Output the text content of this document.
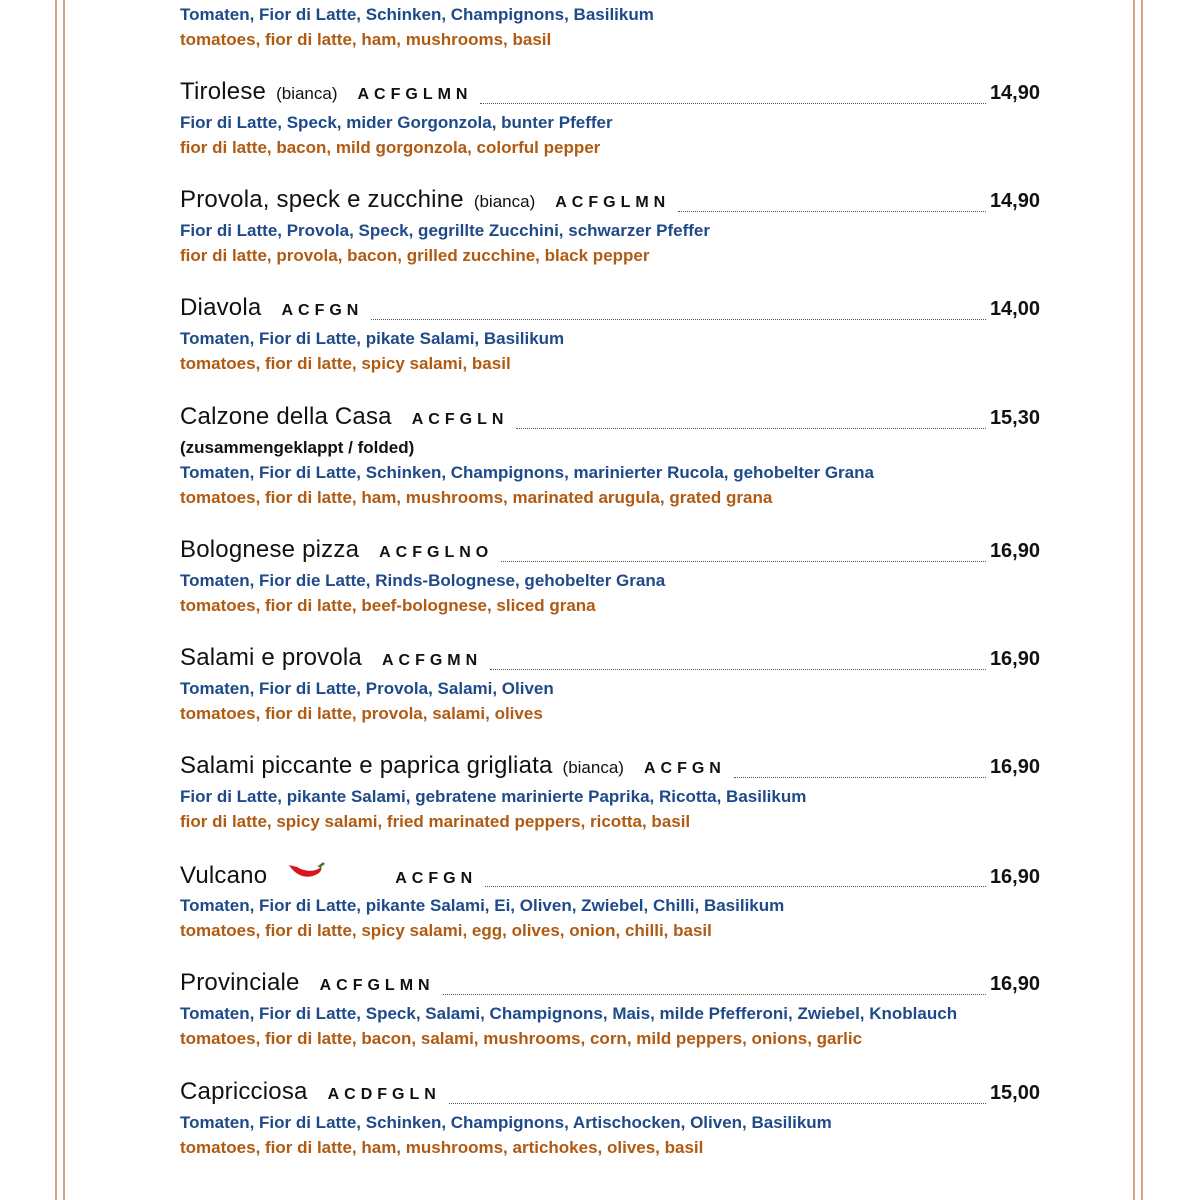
Tomaten, Fior di Latte, Schinken, Champignons, Basilikum
tomatoes, fior di latte, ham, mushrooms, basil
Tirolese (bianca) ACFGLMN	14,90
Fior di Latte, Speck, mider Gorgonzola, bunter Pfeffer
fior di latte, bacon, mild gorgonzola, colorful pepper
Provola, speck e zucchine (bianca) ACFGLMN	14,90
Fior di Latte, Provola, Speck, gegrillte Zucchini, schwarzer Pfeffer
fior di latte, provola, bacon, grilled zucchine, black pepper
Diavola ACFGN	14,00
Tomaten, Fior di Latte, pikate Salami, Basilikum
tomatoes, fior di latte, spicy salami, basil
Calzone della Casa ACFGLN	15,30
(zusammengeklappt / folded)
Tomaten, Fior di Latte, Schinken, Champignons, marinierter Rucola, gehobelter Grana
tomatoes, fior di latte, ham, mushrooms, marinated arugula, grated grana
Bolognese pizza ACFGLNO	16,90
Tomaten, Fior die Latte, Rinds-Bolognese, gehobelter Grana
tomatoes, fior di latte, beef-bolognese, sliced grana
Salami e provola ACFGMN	16,90
Tomaten, Fior di Latte, Provola, Salami, Oliven
tomatoes, fior di latte, provola, salami, olives
Salami piccante e paprica grigliata (bianca) ACFGN	16,90
Fior di Latte, pikante Salami, gebratene marinierte Paprika, Ricotta, Basilikum
fior di latte, spicy salami, fried marinated peppers, ricotta, basil
Vulcano	ACFGN	16,90
Tomaten, Fior di Latte, pikante Salami, Ei, Oliven, Zwiebel, Chilli, Basilikum
tomatoes, fior di latte, spicy salami, egg, olives, onion, chilli, basil
Provinciale ACFGLMN	16,90
Tomaten, Fior di Latte, Speck, Salami, Champignons, Mais, milde Pfefferoni, Zwiebel, Knoblauch
tomatoes, fior di latte, bacon, salami, mushrooms, corn, mild peppers, onions, garlic
Capricciosa ACDFGLN	15,00
Tomaten, Fior di Latte, Schinken, Champignons, Artischocken, Oliven, Basilikum
tomatoes, fior di latte, ham, mushrooms, artichokes, olives, basil
